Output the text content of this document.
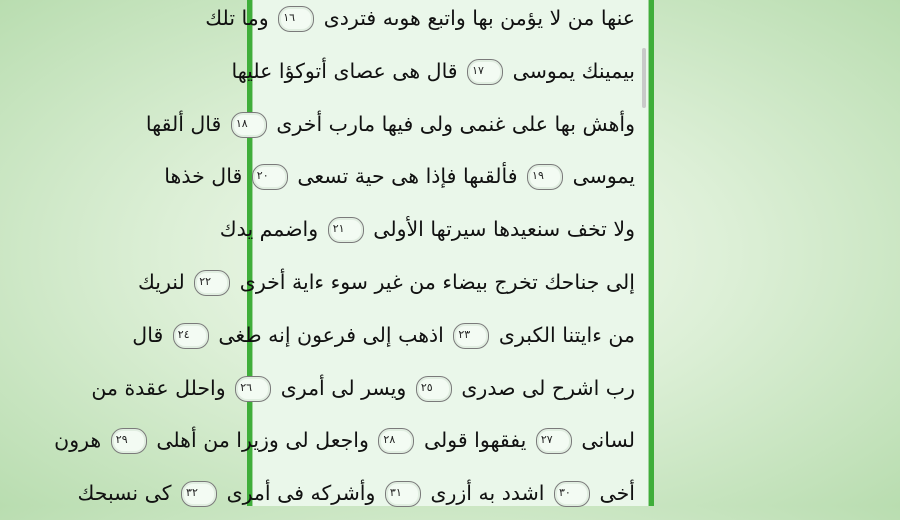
عنها من لا يؤمن بها واتبع هوىه فتردى ١٦ وما تلك
بيمينك يموسى ١٧ قال هى عصاى أتوكؤا عليها
وأهش بها على غنمى ولى فيها مارب أخرى ١٨ قال ألقها
يموسى ١٩ فألقىها فإذا هى حية تسعى ٢٠ قال خذها
ولا تخف سنعيدها سيرتها الأولى ٢١ واضمم يدك
إلى جناحك تخرج بيضاء من غير سوء ءاية أخرى ٢٢ لنريك
من ءايتنا الكبرى ٢٣ اذهب إلى فرعون إنه طغى ٢٤ قال
رب اشرح لى صدرى ٢٥ ويسر لى أمرى ٢٦ واحلل عقدة من
لسانى ٢٧ يفقهوا قولى ٢٨ واجعل لى وزيرا من أهلى ٢٩ هرون
أخى ٣٠ اشدد به أزرى ٣١ وأشركه فى أمرى ٣٢ كى نسبحك
